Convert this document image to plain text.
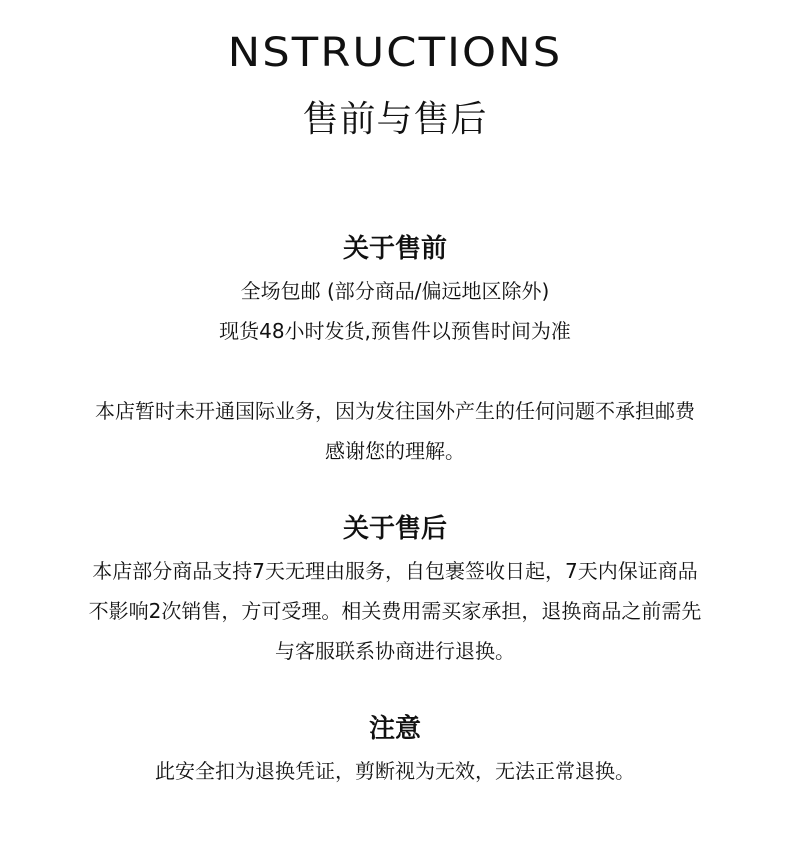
NSTRUCTIONS
售前与售后
关于售前
全场包邮 (部分商品/偏远地区除外)
现货48小时发货,预售件以预售时间为准
本店暂时未开通国际业务，因为发往国外产生的任何问题不承担邮费
感谢您的理解。
关于售后
本店部分商品支持7天无理由服务，自包裹签收日起，7天内保证商品
不影响2次销售，方可受理。相关费用需买家承担，退换商品之前需先
与客服联系协商进行退换。
注意
此安全扣为退换凭证，剪断视为无效，无法正常退换。
